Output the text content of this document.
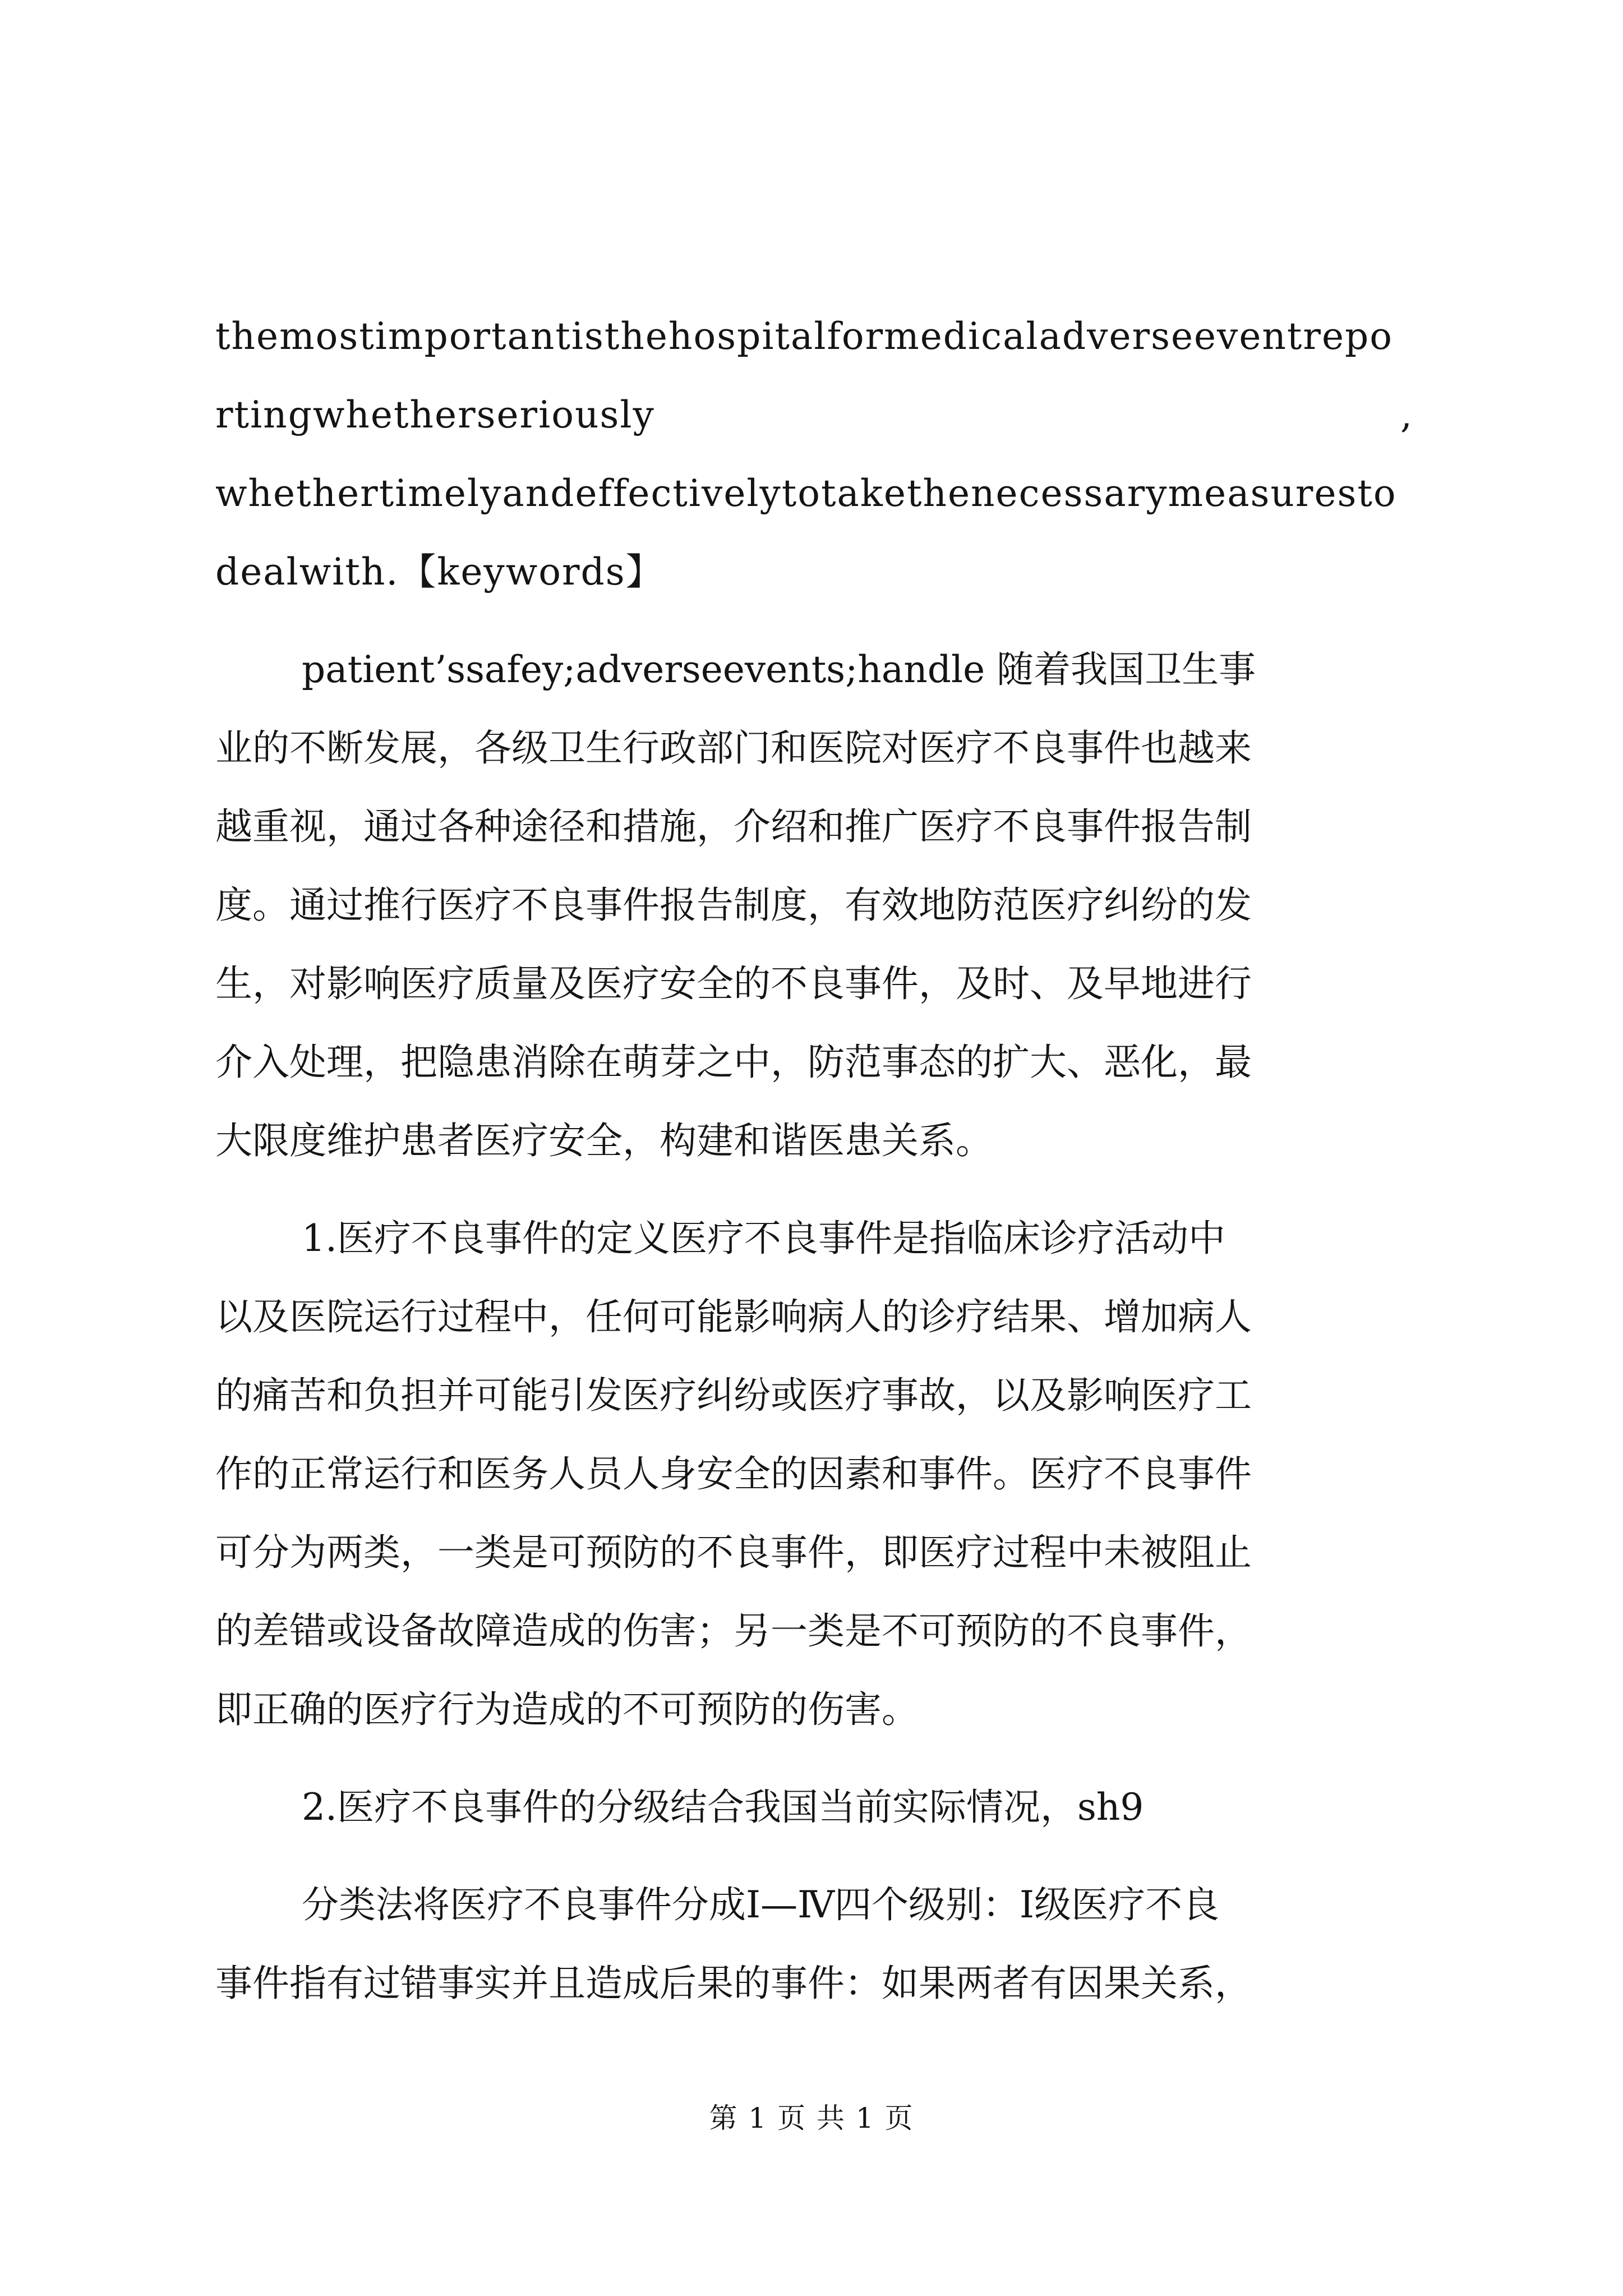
themostimportantisthehospitalformedicaladverseeventrepo
rtingwhetherseriously	,
whethertimelyandeffectivelytotakethenecessarymeasuresto
dealwith.【keywords】
patient’ssafey;adverseevents;handle 随着我国卫生事
业的不断发展，各级卫生行政部门和医院对医疗不良事件也越来
越重视，通过各种途径和措施，介绍和推广医疗不良事件报告制
度。通过推行医疗不良事件报告制度，有效地防范医疗纠纷的发
生，对影响医疗质量及医疗安全的不良事件，及时、及早地进行
介入处理，把隐患消除在萌芽之中，防范事态的扩大、恶化，最
大限度维护患者医疗安全，构建和谐医患关系。
1.医疗不良事件的定义医疗不良事件是指临床诊疗活动中
以及医院运行过程中，任何可能影响病人的诊疗结果、增加病人
的痛苦和负担并可能引发医疗纠纷或医疗事故，以及影响医疗工
作的正常运行和医务人员人身安全的因素和事件。医疗不良事件
可分为两类，一类是可预防的不良事件，即医疗过程中未被阻止
的差错或设备故障造成的伤害；另一类是不可预防的不良事件，
即正确的医疗行为造成的不可预防的伤害。
2.医疗不良事件的分级结合我国当前实际情况，sh9
分类法将医疗不良事件分成Ⅰ—Ⅳ四个级别：Ⅰ级医疗不良
事件指有过错事实并且造成后果的事件：如果两者有因果关系，
第 1 页 共 1 页
